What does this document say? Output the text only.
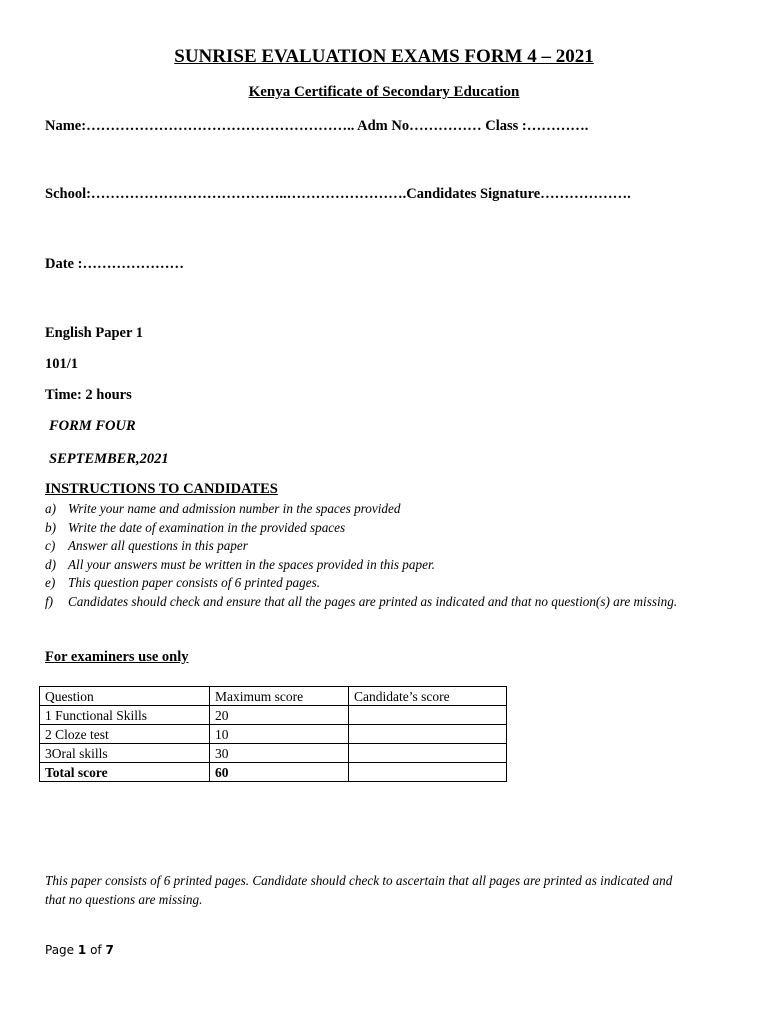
SUNRISE EVALUATION EXAMS FORM 4 – 2021
Kenya Certificate of Secondary Education
Name:……………………………………………….. Adm No…………… Class :………….
School:…………………………………..…………………….Candidates Signature……………….
Date :…………………
English Paper 1
101/1
Time: 2 hours
FORM FOUR
SEPTEMBER,2021
INSTRUCTIONS TO CANDIDATES
a) Write your name and admission number in the spaces provided
b) Write the date of examination in the provided spaces
c) Answer all questions in this paper
d) All your answers must be written in the spaces provided in this paper.
e) This question paper consists of 6 printed pages.
f) Candidates should check and ensure that all the pages are printed as indicated and that no question(s) are missing.
For examiners use only
Question	Maximum score	Candidate’s score
1 Functional Skills	20	
2 Cloze test	10	
3Oral skills	30	
Total score	60	
This paper consists of 6 printed pages. Candidate should check to ascertain that all pages are printed as indicated and that no questions are missing.
Page 1 of 7
